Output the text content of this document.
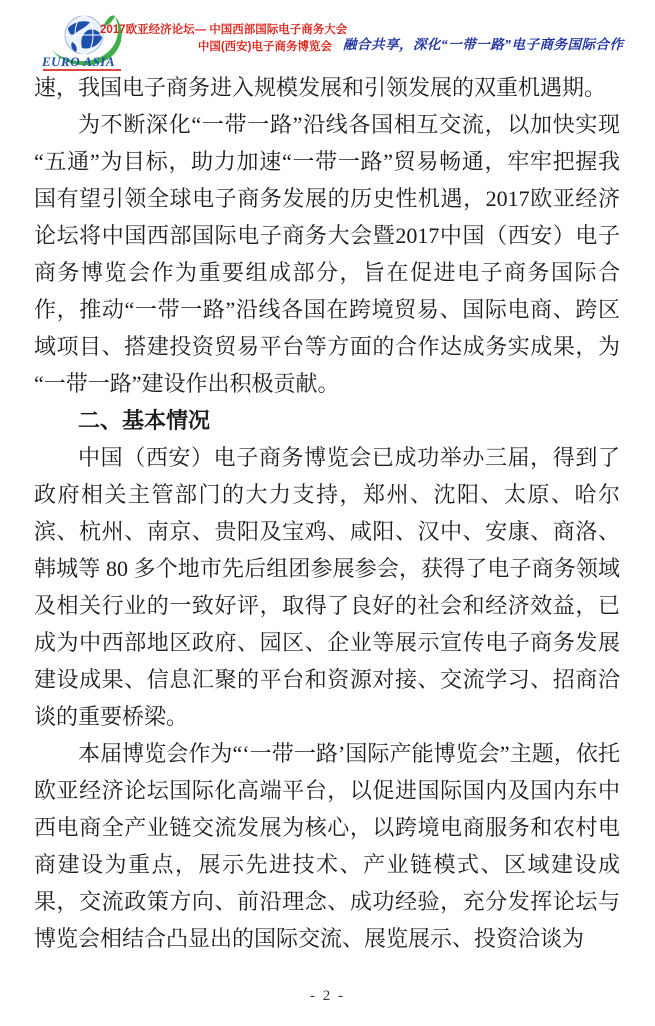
EURO ASIA
2017欧亚经济论坛— 中国西部国际电子商务大会
中国(西安)电子商务博览会 融合共享，深化“一带一路”电子商务国际合作
速，我国电子商务进入规模发展和引领发展的双重机遇期。
为不断深化“一带一路”沿线各国相互交流，以加快实现“五通”为目标，助力加速“一带一路”贸易畅通，牢牢把握我国有望引领全球电子商务发展的历史性机遇，2017欧亚经济论坛将中国西部国际电子商务大会暨2017中国（西安）电子商务博览会作为重要组成部分，旨在促进电子商务国际合作，推动“一带一路”沿线各国在跨境贸易、国际电商、跨区域项目、搭建投资贸易平台等方面的合作达成务实成果，为“一带一路”建设作出积极贡献。
二、基本情况
中国（西安）电子商务博览会已成功举办三届，得到了政府相关主管部门的大力支持，郑州、沈阳、太原、哈尔滨、杭州、南京、贵阳及宝鸡、咸阳、汉中、安康、商洛、韩城等 80 多个地市先后组团参展参会，获得了电子商务领域及相关行业的一致好评，取得了良好的社会和经济效益，已成为中西部地区政府、园区、企业等展示宣传电子商务发展建设成果、信息汇聚的平台和资源对接、交流学习、招商洽谈的重要桥梁。
本届博览会作为“‘一带一路’国际产能博览会”主题，依托欧亚经济论坛国际化高端平台，以促进国际国内及国内东中西电商全产业链交流发展为核心，以跨境电商服务和农村电商建设为重点，展示先进技术、产业链模式、区域建设成果，交流政策方向、前沿理念、成功经验，充分发挥论坛与博览会相结合凸显出的国际交流、展览展示、投资洽谈为
- 2 -
